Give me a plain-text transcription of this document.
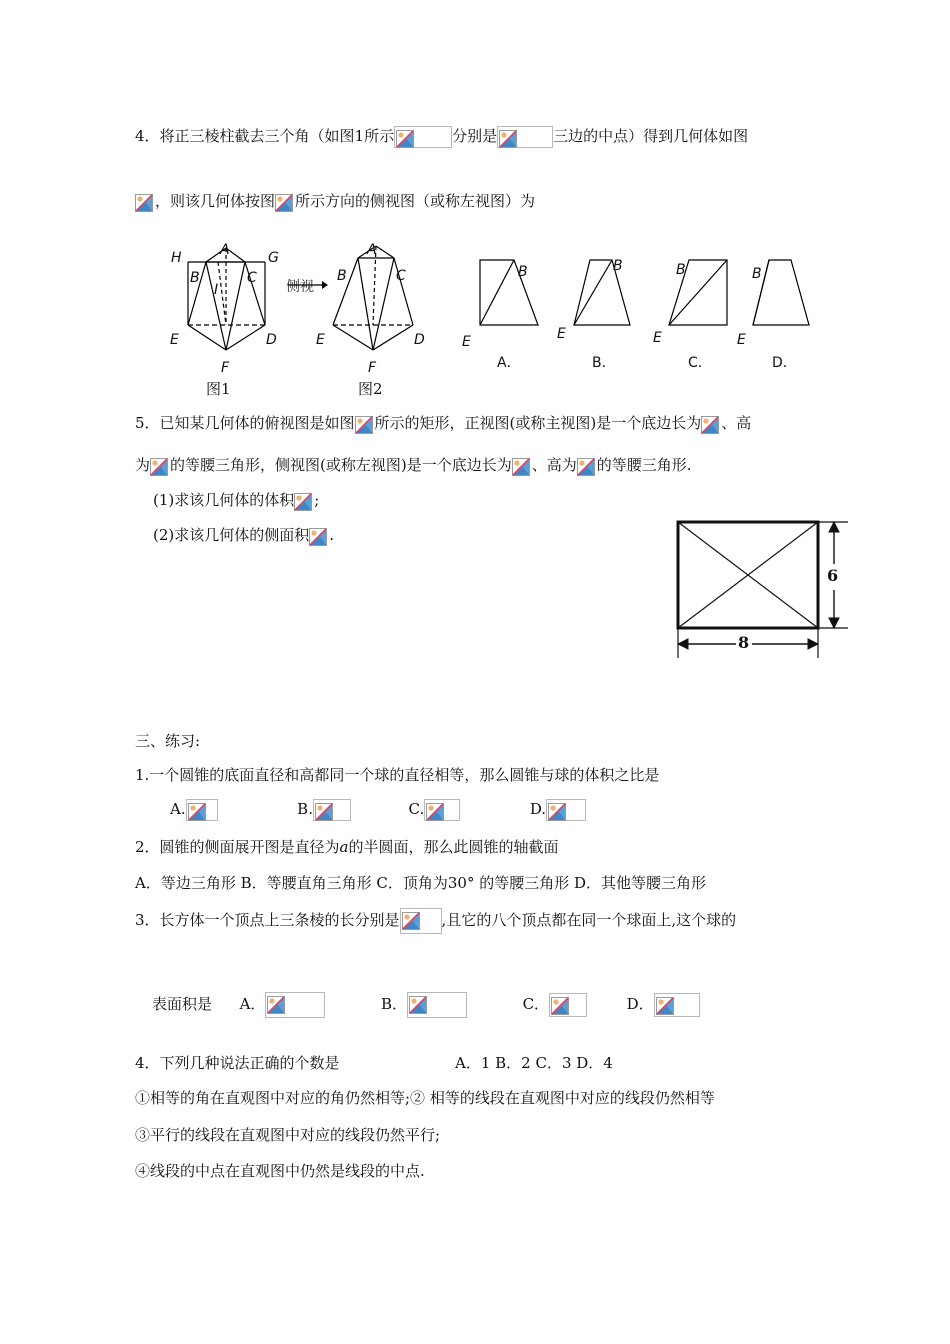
4．将正三棱柱截去三个角（如图1所示	分别是	三边的中点）得到几何体如图
，则该几何体按图 所示方向的侧视图（或称左视图）为
H	A	G
B
I
C
E	D
F
图1
侧视
A
B	C
E	D
F
图2
B
E
A．
B
E
B．
B
E
C．
B
E
D．
5．已知某几何体的俯视图是如图 所示的矩形，正视图(或称主视图)是一个底边长为 、高
为 的等腰三角形，侧视图(或称左视图)是一个底边长为 、高为 的等腰三角形.
(1)求该几何体的体积 ;
(2)求该几何体的侧面积 .
6
8
三、练习:
1.一个圆锥的底面直径和高都同一个球的直径相等，那么圆锥与球的体积之比是
A.	B.	C.	D.
2．圆锥的侧面展开图是直径为a的半圆面，那么此圆锥的轴截面
A．等边三角形 B．等腰直角三角形 C．顶角为30° 的等腰三角形 D．其他等腰三角形
3．长方体一个顶点上三条棱的长分别是	,且它的八个顶点都在同一个球面上,这个球的
表面积是 A．	B．	C．	D．
4．下列几种说法正确的个数是	A．1 B．2 C．3 D．4
①相等的角在直观图中对应的角仍然相等;② 相等的线段在直观图中对应的线段仍然相等
③平行的线段在直观图中对应的线段仍然平行;
④线段的中点在直观图中仍然是线段的中点.
